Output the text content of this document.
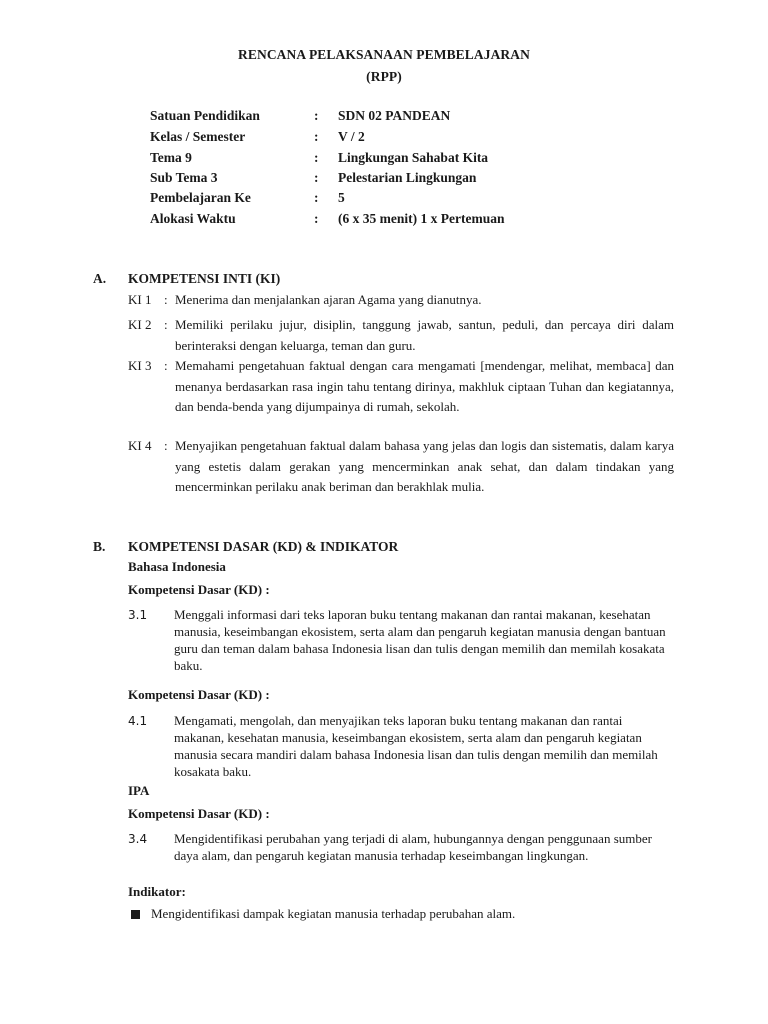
RENCANA PELAKSANAAN PEMBELAJARAN
(RPP)
Satuan Pendidikan	: SDN 02 PANDEAN
Kelas / Semester	: V / 2
Tema 9	: Lingkungan Sahabat Kita
Sub Tema 3	: Pelestarian Lingkungan
Pembelajaran Ke	: 5
Alokasi Waktu	: (6 x 35 menit) 1 x Pertemuan
A. KOMPETENSI INTI (KI)
KI 1 : Menerima dan menjalankan ajaran Agama yang dianutnya.
KI 2 : Memiliki perilaku jujur, disiplin, tanggung jawab, santun, peduli, dan percaya diri dalam berinteraksi dengan keluarga, teman dan guru.
KI 3 : Memahami pengetahuan faktual dengan cara mengamati [mendengar, melihat, membaca] dan menanya berdasarkan rasa ingin tahu tentang dirinya, makhluk ciptaan Tuhan dan kegiatannya, dan benda-benda yang dijumpainya di rumah, sekolah.
KI 4 : Menyajikan pengetahuan faktual dalam bahasa yang jelas dan logis dan sistematis, dalam karya yang estetis dalam gerakan yang mencerminkan anak sehat, dan dalam tindakan yang mencerminkan perilaku anak beriman dan berakhlak mulia.
B. KOMPETENSI DASAR (KD) & INDIKATOR
Bahasa Indonesia
Kompetensi Dasar (KD) :
3.1 Menggali informasi dari teks laporan buku tentang makanan dan rantai makanan, kesehatan manusia, keseimbangan ekosistem, serta alam dan pengaruh kegiatan manusia dengan bantuan guru dan teman dalam bahasa Indonesia lisan dan tulis dengan memilih dan memilah kosakata baku.
Kompetensi Dasar (KD) :
4.1 Mengamati, mengolah, dan menyajikan teks laporan buku tentang makanan dan rantai makanan, kesehatan manusia, keseimbangan ekosistem, serta alam dan pengaruh kegiatan manusia secara mandiri dalam bahasa Indonesia lisan dan tulis dengan memilih dan memilah kosakata baku.
IPA
Kompetensi Dasar (KD) :
3.4 Mengidentifikasi perubahan yang terjadi di alam, hubungannya dengan penggunaan sumber daya alam, dan pengaruh kegiatan manusia terhadap keseimbangan lingkungan.
Indikator:
Mengidentifikasi dampak kegiatan manusia terhadap perubahan alam.
